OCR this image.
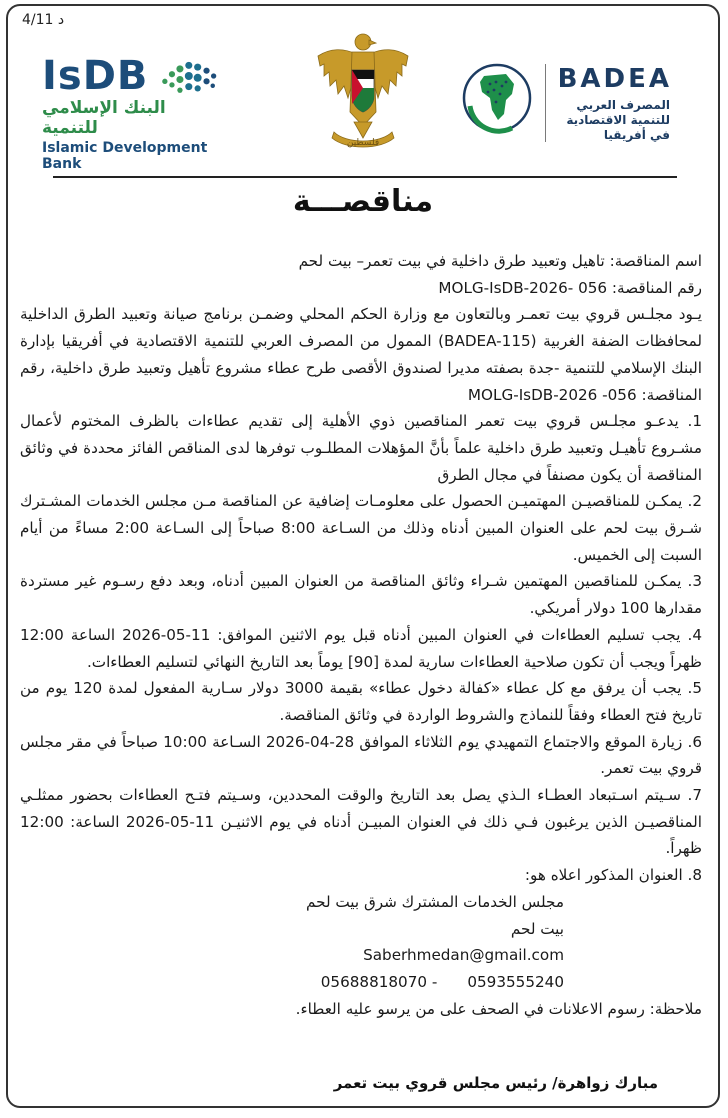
4/11 د
IsDB
البنك الإسلامي للتنمية
Islamic Development Bank
فلسطين
BADEA
المصرف العربي
للتنمية الاقتصادية
في أفريقيا
مناقصـــة

اسم المناقصة: تاهيل وتعبيد طرق داخلية في بيت تعمر– بيت لحم

رقم المناقصة: 056 -MOLG-IsDB-2026

يـود مجلـس قروي بيت تعمـر وبالتعاون مع وزارة الحكم المحلي وضمـن برنامج صيانة وتعبيد الطرق الداخلية لمحافظات الضفة الغربية (BADEA-115) الممول من المصرف العربي للتنمية الاقتصادية في أفريقيا بإدارة البنك الإسلامي للتنمية -جدة بصفته مديرا لصندوق الأقصى طرح عطاء مشروع تأهيل وتعبيد طرق داخلية، رقم المناقصة: 056- MOLG-IsDB-2026

1. يدعـو مجلـس قروي بيت تعمر المناقصين ذوي الأهلية إلى تقديم عطاءات بالظرف المختوم لأعمال مشـروع تأهيـل وتعبيد طرق داخلية علماً بأنَّ المؤهلات المطلـوب توفرها لدى المناقص الفائز محددة في وثائق المناقصة أن يكون مصنفاً في مجال الطرق

2. يمكـن للمناقصيـن المهتميـن الحصول على معلومـات إضافية عن المناقصة مـن مجلس الخدمات المشـترك شـرق بيت لحم على العنوان المبين أدناه وذلك من السـاعة 8:00 صباحاً إلى السـاعة 2:00 مساءً من أيام السبت إلى الخميس.

3. يمكـن للمناقصين المهتمين شـراء وثائق المناقصة من العنوان المبين أدناه، وبعد دفع رسـوم غير مستردة مقدارها 100 دولار أمريكي.

4. يجب تسليم العطاءات في العنوان المبين أدناه قبل يوم الاثنين الموافق: 11-05-2026 الساعة 12:00 ظهراً ويجب أن تكون صلاحية العطاءات سارية لمدة [90] يوماً بعد التاريخ النهائي لتسليم العطاءات.

5. يجب أن يرفق مع كل عطاء «كفالة دخول عطاء» بقيمة 3000 دولار سـارية المفعول لمدة 120 يوم من تاريخ فتح العطاء وفقاً للنماذج والشروط الواردة في وثائق المناقصة.

6. زيارة الموقع والاجتماع التمهيدي يوم الثلاثاء الموافق 28-04-2026 السـاعة 10:00 صباحاً في مقر مجلس قروي بيت تعمر.

7. سـيتم اسـتبعاد العطـاء الـذي يصل بعد التاريخ والوقت المحددين، وسـيتم فتـح العطاءات بحضور ممثلـي المناقصيـن الذين يرغبون فـي ذلك في العنوان المبيـن أدناه في يوم الاثنيـن 11-05-2026 الساعة: 12:00 ظهراً.

8. العنوان المذكور اعلاه هو:

مجلس الخدمات المشترك شرق بيت لحم

بيت لحم

Saberhmedan@gmail.com

0593555240
05688818070 -

ملاحظة: رسوم الاعلانات في الصحف على من يرسو عليه العطاء.

مبارك زواهرة/ رئيس مجلس قروي بيت تعمر
